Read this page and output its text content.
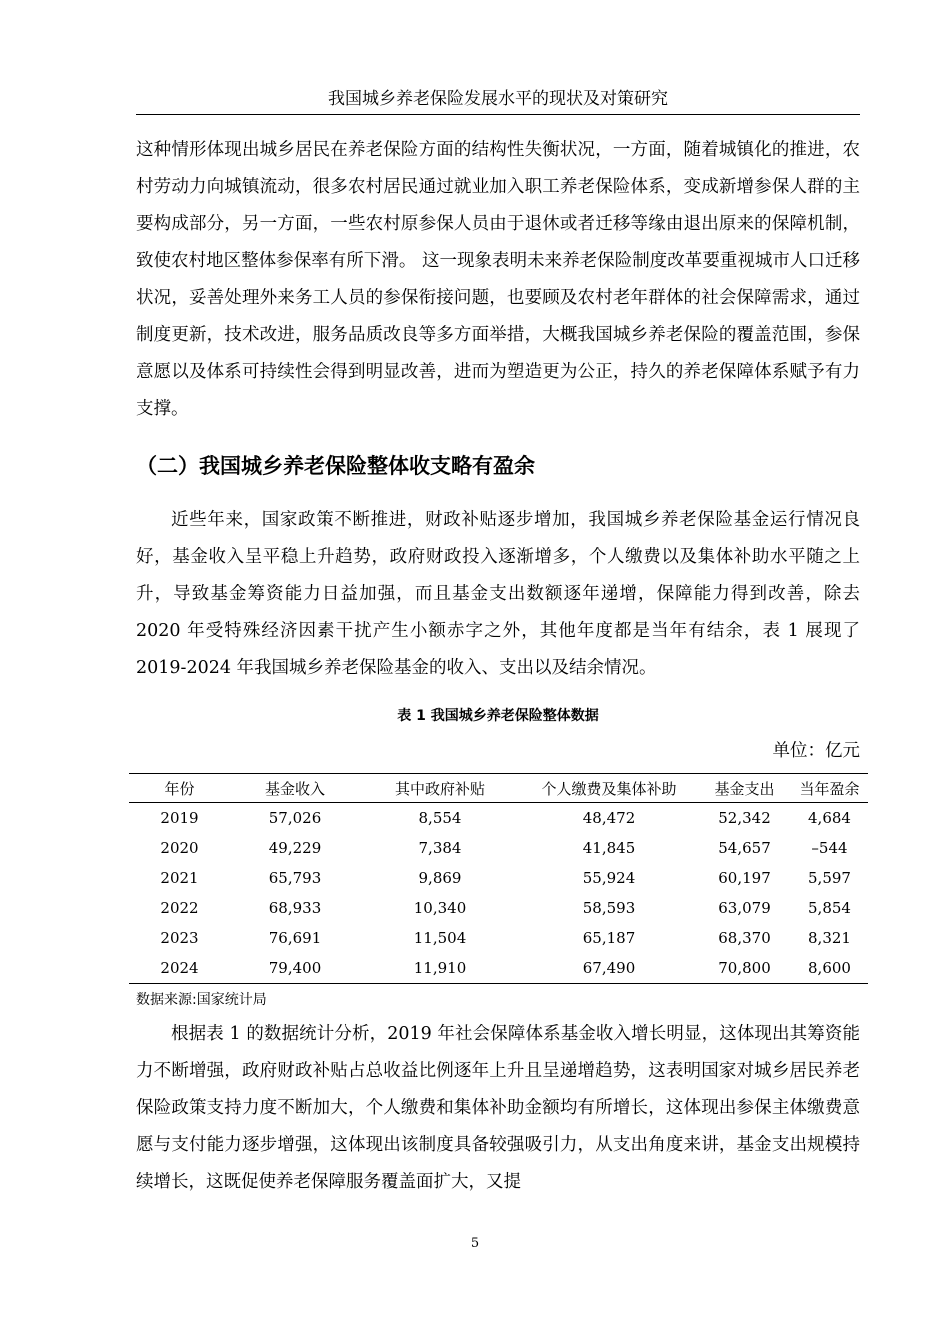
我国城乡养老保险发展水平的现状及对策研究

这种情形体现出城乡居民在养老保险方面的结构性失衡状况，一方面，随着城镇化的推进，农村劳动力向城镇流动，很多农村居民通过就业加入职工养老保险体系，变成新增参保人群的主要构成部分，另一方面，一些农村原参保人员由于退休或者迁移等缘由退出原来的保障机制，致使农村地区整体参保率有所下滑。 这一现象表明未来养老保险制度改革要重视城市人口迁移状况，妥善处理外来务工人员的参保衔接问题，也要顾及农村老年群体的社会保障需求，通过制度更新，技术改进，服务品质改良等多方面举措，大概我国城乡养老保险的覆盖范围，参保意愿以及体系可持续性会得到明显改善，进而为塑造更为公正，持久的养老保障体系赋予有力支撑。

（二）我国城乡养老保险整体收支略有盈余

近些年来，国家政策不断推进，财政补贴逐步增加，我国城乡养老保险基金运行情况良好，基金收入呈平稳上升趋势，政府财政投入逐渐增多，个人缴费以及集体补助水平随之上升，导致基金筹资能力日益加强，而且基金支出数额逐年递增，保障能力得到改善，除去 2020 年受特殊经济因素干扰产生小额赤字之外，其他年度都是当年有结余，表 1 展现了 2019-2024 年我国城乡养老保险基金的收入、支出以及结余情况。

表 1 我国城乡养老保险整体数据
单位：亿元
年份	基金收入	其中政府补贴	个人缴费及集体补助	基金支出	当年盈余
2019	57,026	8,554	48,472	52,342	4,684
2020	49,229	7,384	41,845	54,657	–544
2021	65,793	9,869	55,924	60,197	5,597
2022	68,933	10,340	58,593	63,079	5,854
2023	76,691	11,504	65,187	68,370	8,321
2024	79,400	11,910	67,490	70,800	8,600
数据来源:国家统计局

根据表 1 的数据统计分析，2019 年社会保障体系基金收入增长明显，这体现出其筹资能力不断增强，政府财政补贴占总收益比例逐年上升且呈递增趋势，这表明国家对城乡居民养老保险政策支持力度不断加大，个人缴费和集体补助金额均有所增长，这体现出参保主体缴费意愿与支付能力逐步增强，这体现出该制度具备较强吸引力，从支出角度来讲，基金支出规模持续增长，这既促使养老保障服务覆盖面扩大，又提

5
